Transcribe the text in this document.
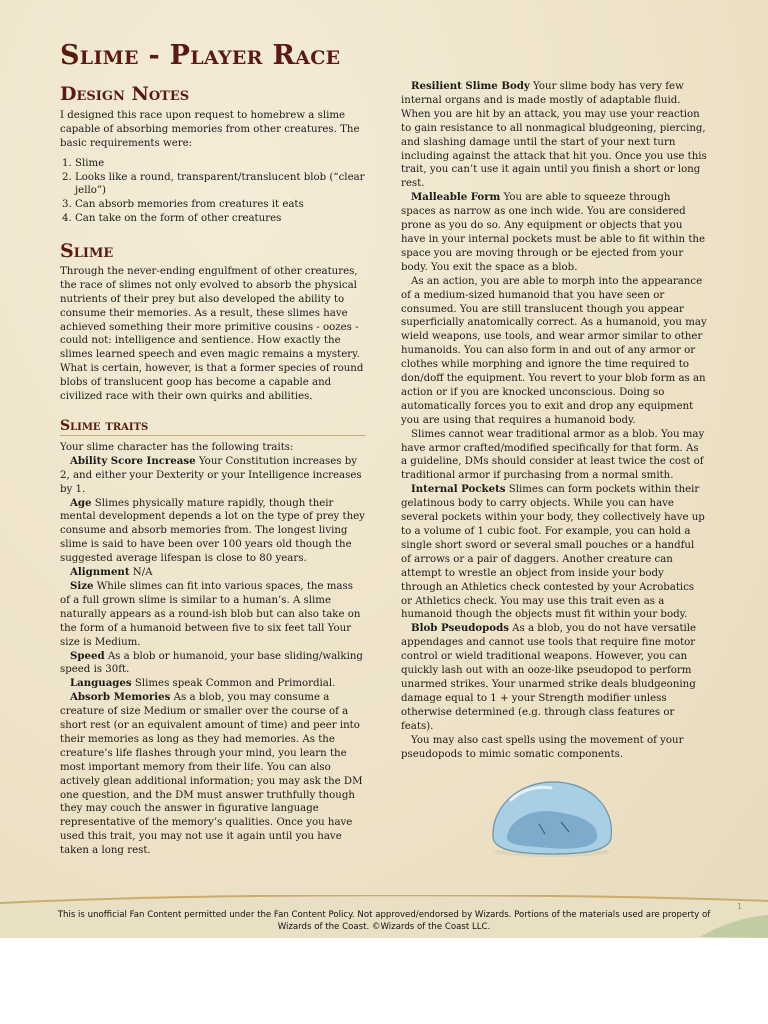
Slime - Player Race
Design Notes

I designed this race upon request to homebrew a slime capable of absorbing memories from other creatures. The basic requirements were:

1. Slime
2. Looks like a round, transparent/translucent blob (“clear jello”)
3. Can absorb memories from creatures it eats
4. Can take on the form of other creatures
Slime

Through the never-ending engulfment of other creatures, the race of slimes not only evolved to absorb the physical nutrients of their prey but also developed the ability to consume their memories. As a result, these slimes have achieved something their more primitive cousins - oozes - could not: intelligence and sentience. How exactly the slimes learned speech and even magic remains a mystery. What is certain, however, is that a former species of round blobs of translucent goop has become a capable and civilized race with their own quirks and abilities.

Slime traits

Your slime character has the following traits:

Ability Score Increase Your Constitution increases by 2, and either your Dexterity or your Intelligence increases by 1.

Age Slimes physically mature rapidly, though their mental development depends a lot on the type of prey they consume and absorb memories from. The longest living slime is said to have been over 100 years old though the suggested average lifespan is close to 80 years.

Alignment N/A

Size While slimes can fit into various spaces, the mass of a full grown slime is similar to a human’s. A slime naturally appears as a round-ish blob but can also take on the form of a humanoid between five to six feet tall Your size is Medium.

Speed As a blob or humanoid, your base sliding/walking speed is 30ft.

Languages Slimes speak Common and Primordial.

Absorb Memories As a blob, you may consume a creature of size Medium or smaller over the course of a short rest (or an equivalent amount of time) and peer into their memories as long as they had memories. As the creature’s life flashes through your mind, you learn the most important memory from their life. You can also actively glean additional information; you may ask the DM one question, and the DM must answer truthfully though they may couch the answer in figurative language representative of the memory’s qualities. Once you have used this trait, you may not use it again until you have taken a long rest.

Resilient Slime Body Your slime body has very few internal organs and is made mostly of adaptable fluid. When you are hit by an attack, you may use your reaction to gain resistance to all nonmagical bludgeoning, piercing, and slashing damage until the start of your next turn including against the attack that hit you. Once you use this trait, you can’t use it again until you finish a short or long rest.

Malleable Form You are able to squeeze through spaces as narrow as one inch wide. You are considered prone as you do so. Any equipment or objects that you have in your internal pockets must be able to fit within the space you are moving through or be ejected from your body. You exit the space as a blob.

As an action, you are able to morph into the appearance of a medium-sized humanoid that you have seen or consumed. You are still translucent though you appear superficially anatomically correct. As a humanoid, you may wield weapons, use tools, and wear armor similar to other humanoids. You can also form in and out of any armor or clothes while morphing and ignore the time required to don/doff the equipment. You revert to your blob form as an action or if you are knocked unconscious. Doing so automatically forces you to exit and drop any equipment you are using that requires a humanoid body.

Slimes cannot wear traditional armor as a blob. You may have armor crafted/modified specifically for that form. As a guideline, DMs should consider at least twice the cost of traditional armor if purchasing from a normal smith.

Internal Pockets Slimes can form pockets within their gelatinous body to carry objects. While you can have several pockets within your body, they collectively have up to a volume of 1 cubic foot. For example, you can hold a single short sword or several small pouches or a handful of arrows or a pair of daggers. Another creature can attempt to wrestle an object from inside your body through an Athletics check contested by your Acrobatics or Athletics check. You may use this trait even as a humanoid though the objects must fit within your body.

Blob Pseudopods As a blob, you do not have versatile appendages and cannot use tools that require fine motor control or wield traditional weapons. However, you can quickly lash out with an ooze-like pseudopod to perform unarmed strikes. Your unarmed strike deals bludgeoning damage equal to 1 + your Strength modifier unless otherwise determined (e.g. through class features or feats).

You may also cast spells using the movement of your pseudopods to mimic somatic components.

1
This is unofficial Fan Content permitted under the Fan Content Policy. Not approved/endorsed by Wizards. Portions of the materials used are property of Wizards of the Coast. ©Wizards of the Coast LLC.
